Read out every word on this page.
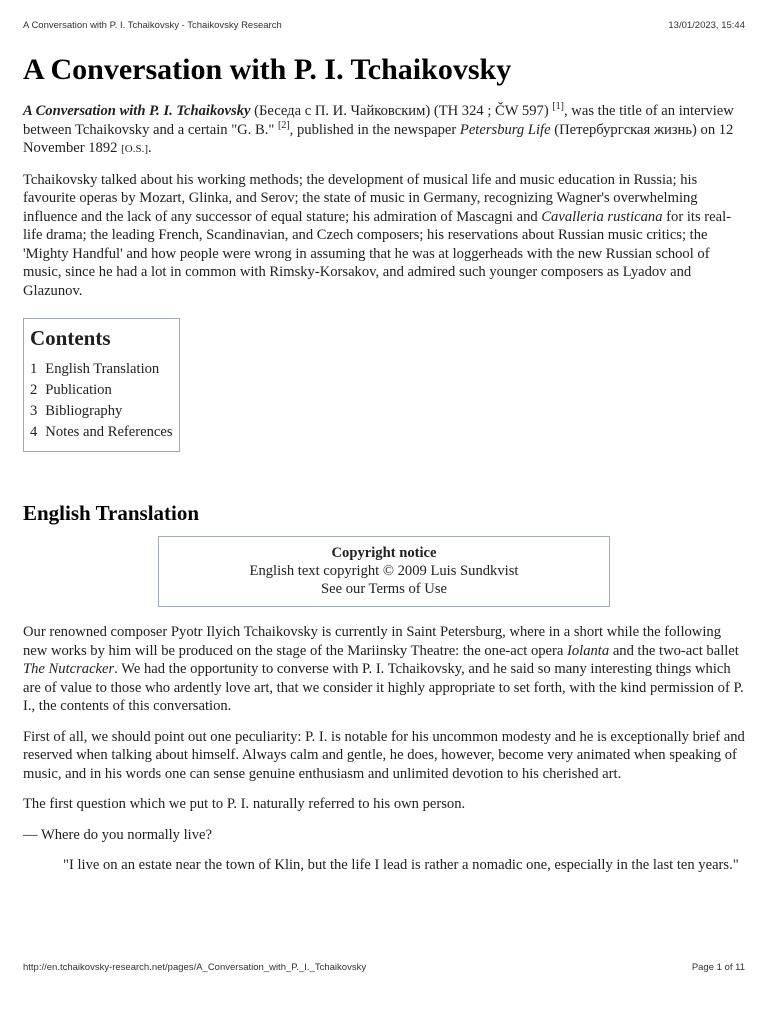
A Conversation with P. I. Tchaikovsky - Tchaikovsky Research	13/01/2023, 15:44
A Conversation with P. I. Tchaikovsky

A Conversation with P. I. Tchaikovsky (Беседа с П. И. Чайковским) (TH 324 ; ČW 597) [1], was the title of an interview between Tchaikovsky and a certain "G. B." [2], published in the newspaper Petersburg Life (Петербургская жизнь) on 12 November 1892 [O.S.].

Tchaikovsky talked about his working methods; the development of musical life and music education in Russia; his favourite operas by Mozart, Glinka, and Serov; the state of music in Germany, recognizing Wagner's overwhelming influence and the lack of any successor of equal stature; his admiration of Mascagni and Cavalleria rusticana for its real-life drama; the leading French, Scandinavian, and Czech composers; his reservations about Russian music critics; the 'Mighty Handful' and how people were wrong in assuming that he was at loggerheads with the new Russian school of music, since he had a lot in common with Rimsky-Korsakov, and admired such younger composers as Lyadov and Glazunov.

Contents
1 English Translation
2 Publication
3 Bibliography
4 Notes and References
English Translation
Copyright notice
English text copyright © 2009 Luis Sundkvist
See our Terms of Use

Our renowned composer Pyotr Ilyich Tchaikovsky is currently in Saint Petersburg, where in a short while the following new works by him will be produced on the stage of the Mariinsky Theatre: the one-act opera Iolanta and the two-act ballet The Nutcracker. We had the opportunity to converse with P. I. Tchaikovsky, and he said so many interesting things which are of value to those who ardently love art, that we consider it highly appropriate to set forth, with the kind permission of P. I., the contents of this conversation.

First of all, we should point out one peculiarity: P. I. is notable for his uncommon modesty and he is exceptionally brief and reserved when talking about himself. Always calm and gentle, he does, however, become very animated when speaking of music, and in his words one can sense genuine enthusiasm and unlimited devotion to his cherished art.

The first question which we put to P. I. naturally referred to his own person.

— Where do you normally live?

"I live on an estate near the town of Klin, but the life I lead is rather a nomadic one, especially in the last ten years."

http://en.tchaikovsky-research.net/pages/A_Conversation_with_P._I._Tchaikovsky	Page 1 of 11
